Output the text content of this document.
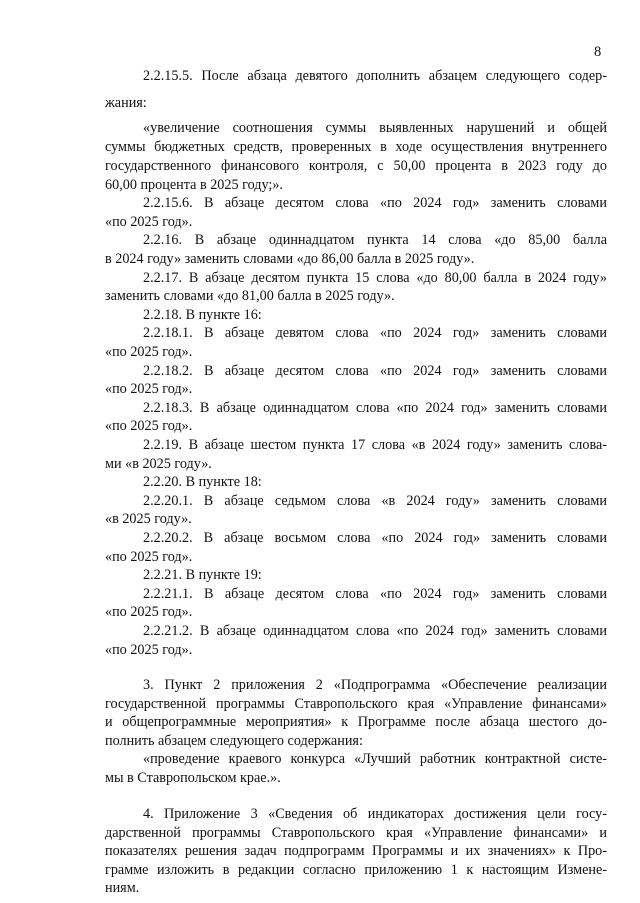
8
2.2.15.5. После абзаца девятого дополнить абзацем следующего содер-
жания:
«увеличение соотношения суммы выявленных нарушений и общей
суммы бюджетных средств, проверенных в ходе осуществления внутреннего
государственного финансового контроля, с 50,00 процента в 2023 году до
60,00 процента в 2025 году;».
2.2.15.6. В абзаце десятом слова «по 2024 год» заменить словами
«по 2025 год».
2.2.16. В абзаце одиннадцатом пункта 14 слова «до 85,00 балла
в 2024 году» заменить словами «до 86,00 балла в 2025 году».
2.2.17. В абзаце десятом пункта 15 слова «до 80,00 балла в 2024 году»
заменить словами «до 81,00 балла в 2025 году».
2.2.18. В пункте 16:
2.2.18.1. В абзаце девятом слова «по 2024 год» заменить словами
«по 2025 год».
2.2.18.2. В абзаце десятом слова «по 2024 год» заменить словами
«по 2025 год».
2.2.18.3. В абзаце одиннадцатом слова «по 2024 год» заменить словами
«по 2025 год».
2.2.19. В абзаце шестом пункта 17 слова «в 2024 году» заменить слова-
ми «в 2025 году».
2.2.20. В пункте 18:
2.2.20.1. В абзаце седьмом слова «в 2024 году» заменить словами
«в 2025 году».
2.2.20.2. В абзаце восьмом слова «по 2024 год» заменить словами
«по 2025 год».
2.2.21. В пункте 19:
2.2.21.1. В абзаце десятом слова «по 2024 год» заменить словами
«по 2025 год».
2.2.21.2. В абзаце одиннадцатом слова «по 2024 год» заменить словами
«по 2025 год».
3. Пункт 2 приложения 2 «Подпрограмма «Обеспечение реализации
государственной программы Ставропольского края «Управление финансами»
и общепрограммные мероприятия» к Программе после абзаца шестого до-
полнить абзацем следующего содержания:
«проведение краевого конкурса «Лучший работник контрактной систе-
мы в Ставропольском крае.».
4. Приложение 3 «Сведения об индикаторах достижения цели госу-
дарственной программы Ставропольского края «Управление финансами» и
показателях решения задач подпрограмм Программы и их значениях» к Про-
грамме изложить в редакции согласно приложению 1 к настоящим Измене-
ниям.
